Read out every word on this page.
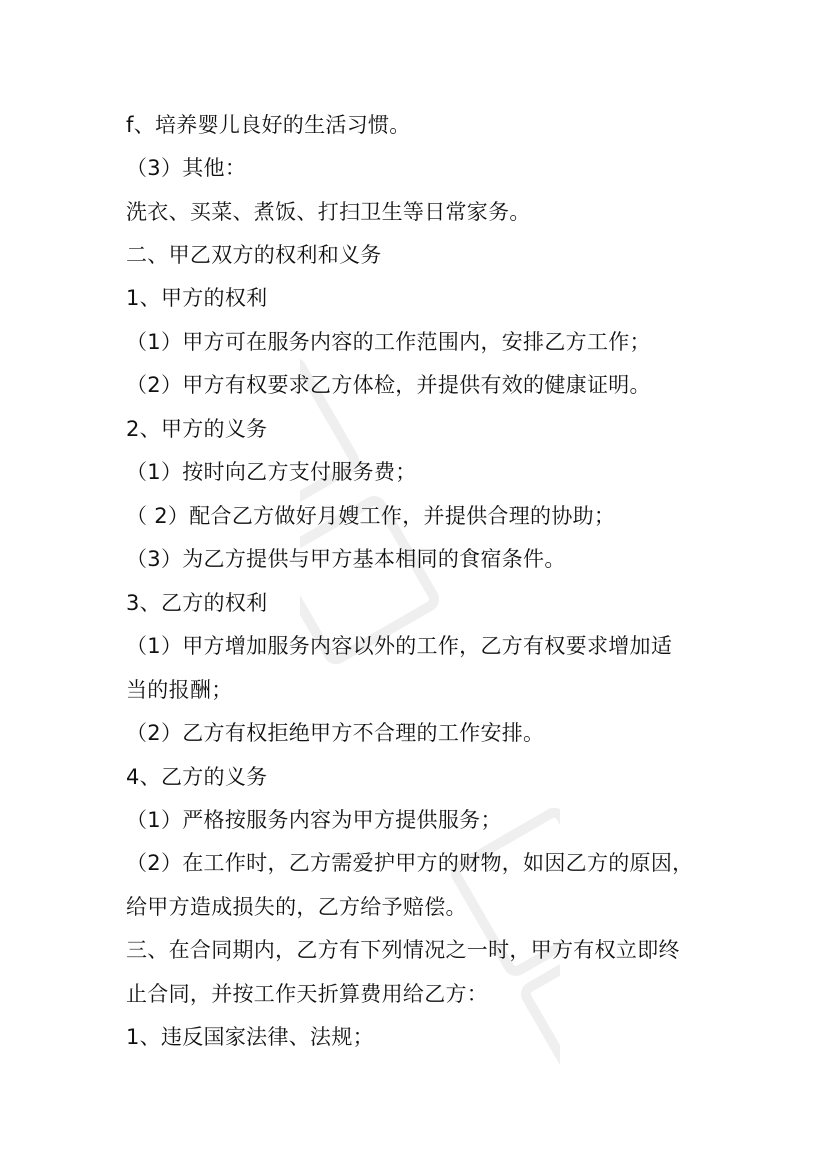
f、培养婴儿良好的生活习惯。
（3）其他：
洗衣、买菜、煮饭、打扫卫生等日常家务。
二、甲乙双方的权利和义务
1、甲方的权利
（1）甲方可在服务内容的工作范围内，安排乙方工作；
（2）甲方有权要求乙方体检，并提供有效的健康证明。
2、甲方的义务
（1）按时向乙方支付服务费；
（ 2）配合乙方做好月嫂工作，并提供合理的协助；
（3）为乙方提供与甲方基本相同的食宿条件。
3、乙方的权利
（1）甲方增加服务内容以外的工作，乙方有权要求增加适
当的报酬；
（2）乙方有权拒绝甲方不合理的工作安排。
4、乙方的义务
（1）严格按服务内容为甲方提供服务；
（2）在工作时，乙方需爱护甲方的财物，如因乙方的原因，
给甲方造成损失的，乙方给予赔偿。
三、在合同期内，乙方有下列情况之一时，甲方有权立即终
止合同，并按工作天折算费用给乙方：
1、违反国家法律、法规；
